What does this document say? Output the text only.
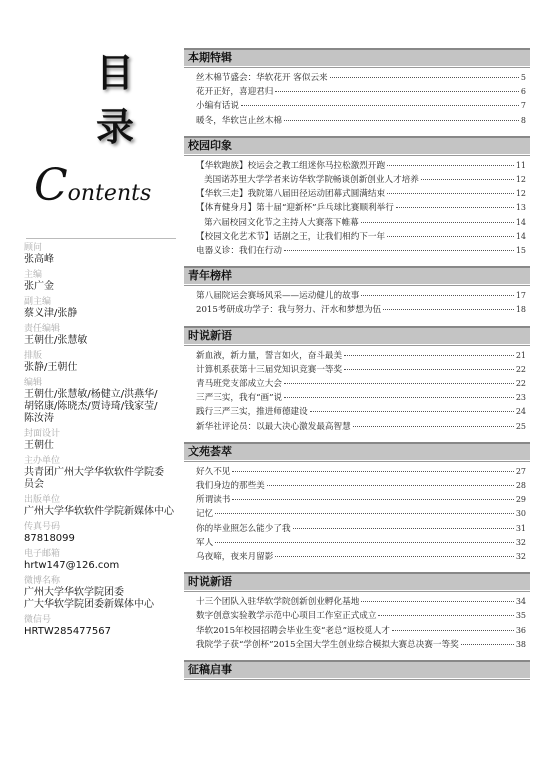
目
录
Contents
顾问
张高峰
主编
张广金
副主编
蔡义津/张静
责任编辑
王朝仕/张慧敏
排版
张静/王朝仕
编辑
王朝仕/张慧敏/杨健立/洪燕华/
胡铭康/陈晓杰/贾诗琦/钱家莹/
陈汝涛
封面设计
王朝仕
主办单位
共青团广州大学华软软件学院委
员会
出版单位
广州大学华软软件学院新媒体中心
传真号码
87818099
电子邮箱
hrtw147@126.com
微博名称
广州大学华软学院团委
广大华软学院团委新媒体中心
微信号
HRTW285477567
本期特辑
丝木棉节盛会：华软花开 客似云来	5
花开正好，喜迎君归	6
小编有话说	7
暖冬，华软岂止丝木棉	8
校园印象
【华软跑族】校运会之教工组迷你马拉松激烈开跑	11
美国诺苏里大学学者来访华软学院畅谈创新创业人才培养	12
【华软三走】我院第八届田径运动团幕式圆满结束	12
【体育健身月】第十届“迎新杯”乒乓球比赛顺利举行	13
第六届校园文化节之主持人大赛落下帷幕	14
【校园文化艺术节】话剧之王，让我们相约下一年	14
电器义诊：我们在行动	15
青年榜样
第八届院运会赛场风采——运动健儿的故事	17
2015考研成功学子：我与努力、汗水和梦想为伍	18
时说新语
新血液，新力量，誓言如火，奋斗最美	21
计算机系获第十三届党知识竞赛一等奖	22
青马班党支部成立大会	22
三严三实，我有“画”说	23
践行三严三实，推进师德建设	24
新华社评论员：以最大决心激发最高智慧	25
文苑荟萃
好久不见	27
我们身边的那些美	28
所谓读书	29
记忆	30
你的毕业照怎么能少了我	31
军人	32
乌夜啼，夜来月留影	32
时说新语
十三个团队入驻华软学院创新创业孵化基地	34
数字创意实验教学示范中心项目工作室正式成立	35
华软2015年校园招聘会毕业生变“老总”返校觅人才	36
我院学子获“学创杯”2015全国大学生创业综合模拟大赛总决赛一等奖	38
征稿启事
